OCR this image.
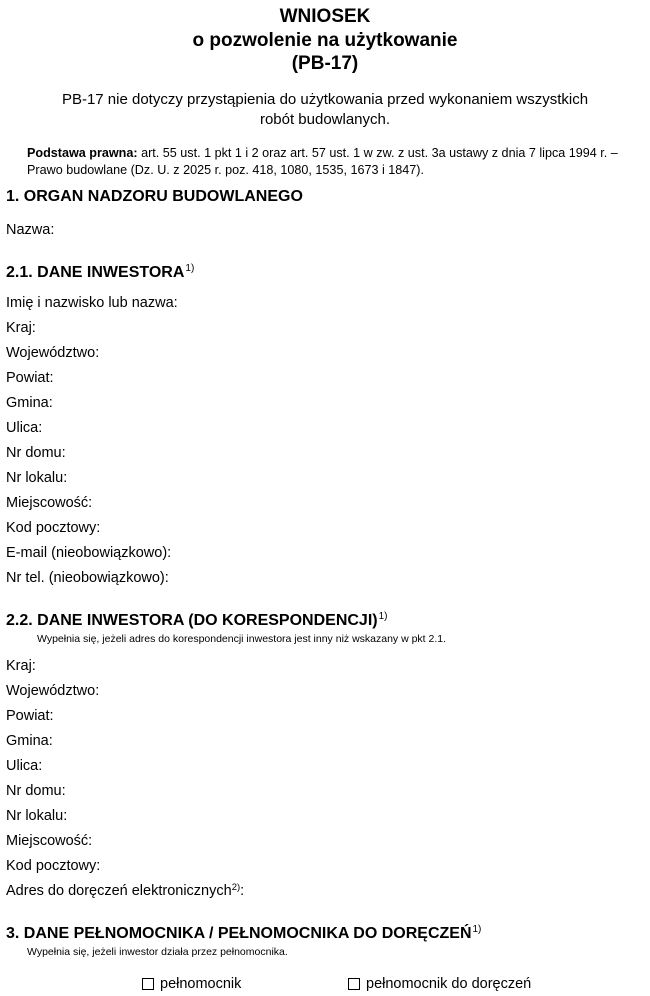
WNIOSEK
o pozwolenie na użytkowanie
(PB-17)
PB-17 nie dotyczy przystąpienia do użytkowania przed wykonaniem wszystkich
robót budowlanych.
Podstawa prawna: art. 55 ust. 1 pkt 1 i 2 oraz art. 57 ust. 1 w zw. z ust. 3a ustawy z dnia 7 lipca 1994 r. –
Prawo budowlane (Dz. U. z 2025 r. poz. 418, 1080, 1535, 1673 i 1847).
1. ORGAN NADZORU BUDOWLANEGO
Nazwa:
2.1. DANE INWESTORA$^{1)}$
Imię i nazwisko lub nazwa:
Kraj:
Województwo:
Powiat:
Gmina:
Ulica:
Nr domu:
Nr lokalu:
Miejscowość:
Kod pocztowy:
E-mail (nieobowiązkowo):
Nr tel. (nieobowiązkowo):
2.2. DANE INWESTORA (DO KORESPONDENCJI)$^{1)}$
Wypełnia się, jeżeli adres do korespondencji inwestora jest inny niż wskazany w pkt 2.1.
Kraj:
Województwo:
Powiat:
Gmina:
Ulica:
Nr domu:
Nr lokalu:
Miejscowość:
Kod pocztowy:
Adres do doręczeń elektronicznych$^{2)}$:
3. DANE PEŁNOMOCNIKA / PEŁNOMOCNIKA DO DORĘCZEŃ$^{1)}$
Wypełnia się, jeżeli inwestor działa przez pełnomocnika.
pełnomocnik	pełnomocnik do doręczeń
